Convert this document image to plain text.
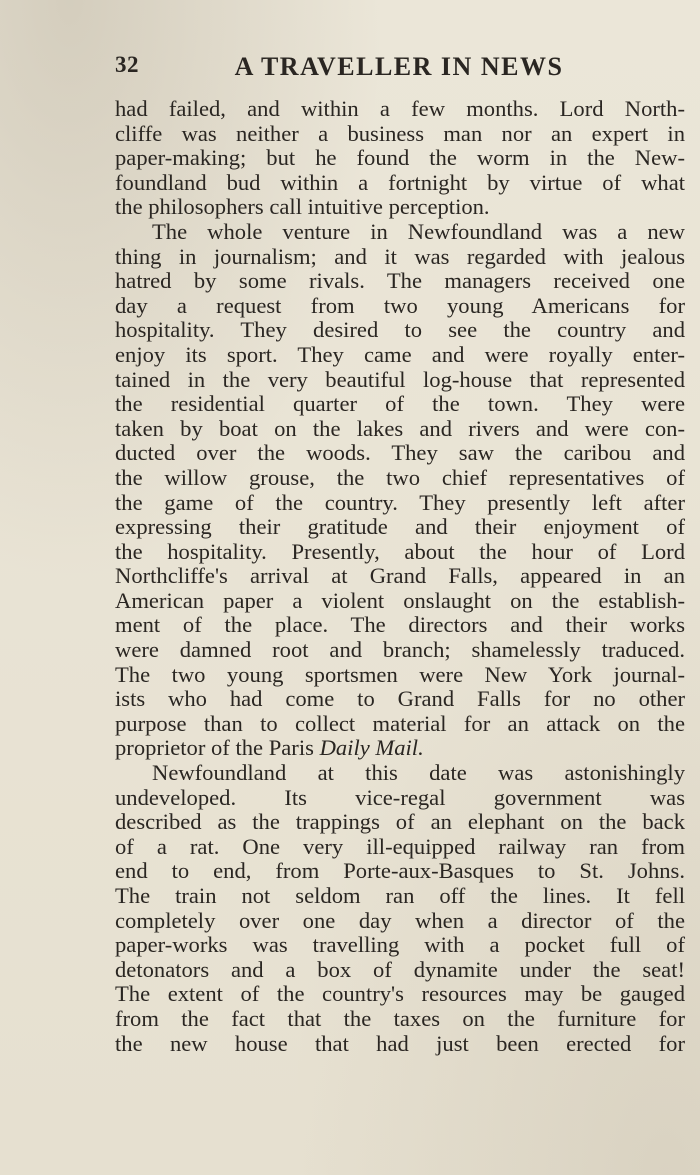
32	A TRAVELLER IN NEWS
had failed, and within a few months. Lord North-
cliffe was neither a business man nor an expert in
paper-making; but he found the worm in the New-
foundland bud within a fortnight by virtue of what
the philosophers call intuitive perception.
The whole venture in Newfoundland was a new
thing in journalism; and it was regarded with jealous
hatred by some rivals. The managers received one
day a request from two young Americans for
hospitality. They desired to see the country and
enjoy its sport. They came and were royally enter-
tained in the very beautiful log-house that represented
the residential quarter of the town. They were
taken by boat on the lakes and rivers and were con-
ducted over the woods. They saw the caribou and
the willow grouse, the two chief representatives of
the game of the country. They presently left after
expressing their gratitude and their enjoyment of
the hospitality. Presently, about the hour of Lord
Northcliffe's arrival at Grand Falls, appeared in an
American paper a violent onslaught on the establish-
ment of the place. The directors and their works
were damned root and branch; shamelessly traduced.
The two young sportsmen were New York journal-
ists who had come to Grand Falls for no other
purpose than to collect material for an attack on the
proprietor of the Paris Daily Mail.
Newfoundland at this date was astonishingly
undeveloped. Its vice-regal government was
described as the trappings of an elephant on the back
of a rat. One very ill-equipped railway ran from
end to end, from Porte-aux-Basques to St. Johns.
The train not seldom ran off the lines. It fell
completely over one day when a director of the
paper-works was travelling with a pocket full of
detonators and a box of dynamite under the seat!
The extent of the country's resources may be gauged
from the fact that the taxes on the furniture for
the new house that had just been erected for
